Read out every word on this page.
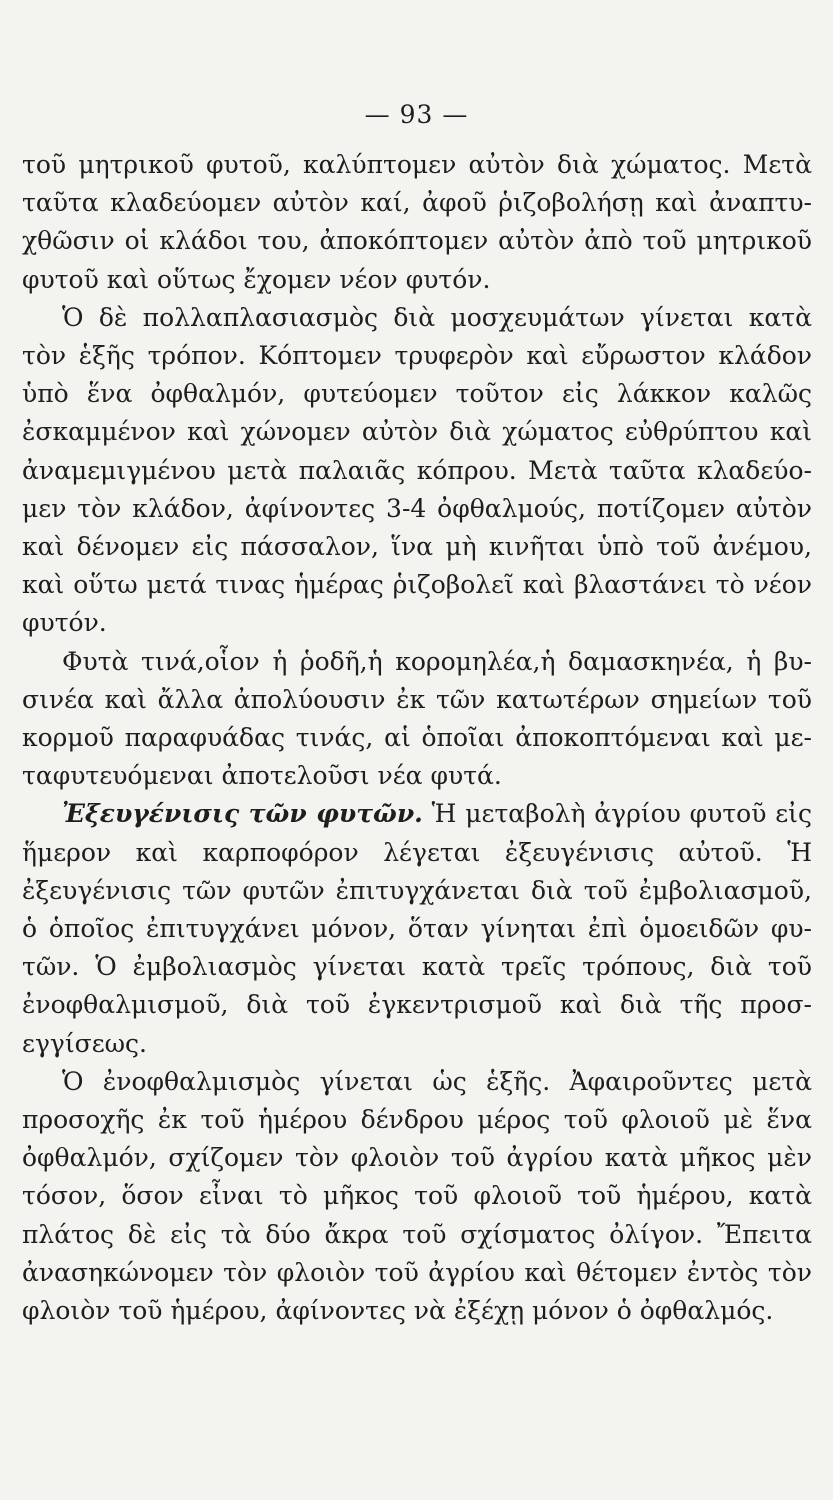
— 93 —

τοῦ μητρικοῦ φυτοῦ, καλύπτομεν αὐτὸν διὰ χώματος. Μετὰ ταῦτα κλαδεύομεν αὐτὸν καί, ἀφοῦ ῥιζοβολήσῃ καὶ ἀναπτυ- χθῶσιν οἱ κλάδοι του, ἀποκόπτομεν αὐτὸν ἀπὸ τοῦ μητρικοῦ φυτοῦ καὶ οὕτως ἔχομεν νέον φυτόν.

Ὁ δὲ πολλαπλασιασμὸς διὰ μοσχευμάτων γίνεται κατὰ τὸν ἑξῆς τρόπον. Κόπτομεν τρυφερὸν καὶ εὔρωστον κλάδον ὑπὸ ἕνα ὀφθαλμόν, φυτεύομεν τοῦτον εἰς λάκκον καλῶς ἐσκαμμένον καὶ χώνομεν αὐτὸν διὰ χώματος εὐθρύπτου καὶ ἀναμεμιγμένου μετὰ παλαιᾶς κόπρου. Μετὰ ταῦτα κλαδεύο- μεν τὸν κλάδον, ἀφίνοντες 3-4 ὀφθαλμούς, ποτίζομεν αὐτὸν καὶ δένομεν εἰς πάσσαλον, ἵνα μὴ κινῆται ὑπὸ τοῦ ἀνέμου, καὶ οὕτω μετά τινας ἡμέρας ῥιζοβολεῖ καὶ βλαστάνει τὸ νέον φυτόν.

Φυτὰ τινά,οἷον ἡ ῥοδῆ,ἡ κορομηλέα,ἡ δαμασκηνέα, ἡ βυ- σινέα καὶ ἄλλα ἀπολύουσιν ἐκ τῶν κατωτέρων σημείων τοῦ κορμοῦ παραφυάδας τινάς, αἱ ὁποῖαι ἀποκοπτόμεναι καὶ με- ταφυτευόμεναι ἀποτελοῦσι νέα φυτά.

Ἐξευγένισις τῶν φυτῶν. Ἡ μεταβολὴ ἀγρίου φυτοῦ εἰς ἥμερον καὶ καρποφόρον λέγεται ἐξευγένισις αὐτοῦ. Ἡ ἐξευγένισις τῶν φυτῶν ἐπιτυγχάνεται διὰ τοῦ ἐμβολιασμοῦ, ὁ ὁποῖος ἐπιτυγχάνει μόνον, ὅταν γίνηται ἐπὶ ὁμοειδῶν φυ- τῶν. Ὁ ἐμβολιασμὸς γίνεται κατὰ τρεῖς τρόπους, διὰ τοῦ ἐνοφθαλμισμοῦ, διὰ τοῦ ἐγκεντρισμοῦ καὶ διὰ τῆς προσ- εγγίσεως.

Ὁ ἐνοφθαλμισμὸς γίνεται ὡς ἑξῆς. Ἀφαιροῦντες μετὰ προσοχῆς ἐκ τοῦ ἡμέρου δένδρου μέρος τοῦ φλοιοῦ μὲ ἕνα ὀφθαλμόν, σχίζομεν τὸν φλοιὸν τοῦ ἀγρίου κατὰ μῆκος μὲν τόσον, ὅσον εἶναι τὸ μῆκος τοῦ φλοιοῦ τοῦ ἡμέρου, κατὰ πλάτος δὲ εἰς τὰ δύο ἄκρα τοῦ σχίσματος ὀλίγον. Ἔπειτα ἀνασηκώνομεν τὸν φλοιὸν τοῦ ἀγρίου καὶ θέτομεν ἐντὸς τὸν φλοιὸν τοῦ ἡμέρου, ἀφίνοντες νὰ ἐξέχῃ μόνον ὁ ὀφθαλμός.
